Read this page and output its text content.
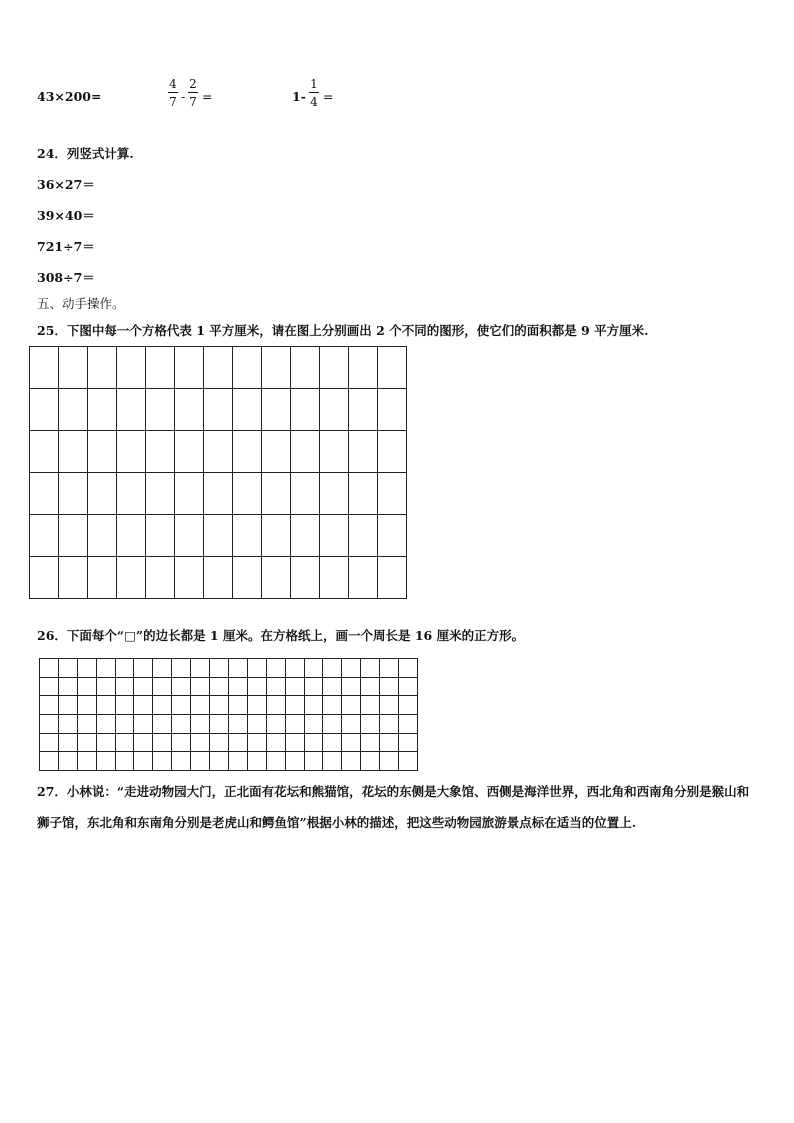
43×200=
4
7 -
2
7 =	1-
1
4 =
24．列竖式计算.
36×27＝
39×40＝
721÷7＝
308÷7＝
五、动手操作。
25．下图中每一个方格代表 1 平方厘米，请在图上分别画出 2 个不同的图形，使它们的面积都是 9 平方厘米.
26．下面每个“□”的边长都是 1 厘米。在方格纸上，画一个周长是 16 厘米的正方形。
27．小林说：“走进动物园大门，正北面有花坛和熊猫馆，花坛的东侧是大象馆、西侧是海洋世界，西北角和西南角分别是猴山和狮子馆，东北角和东南角分别是老虎山和鳄鱼馆”根据小林的描述，把这些动物园旅游景点标在适当的位置上.
